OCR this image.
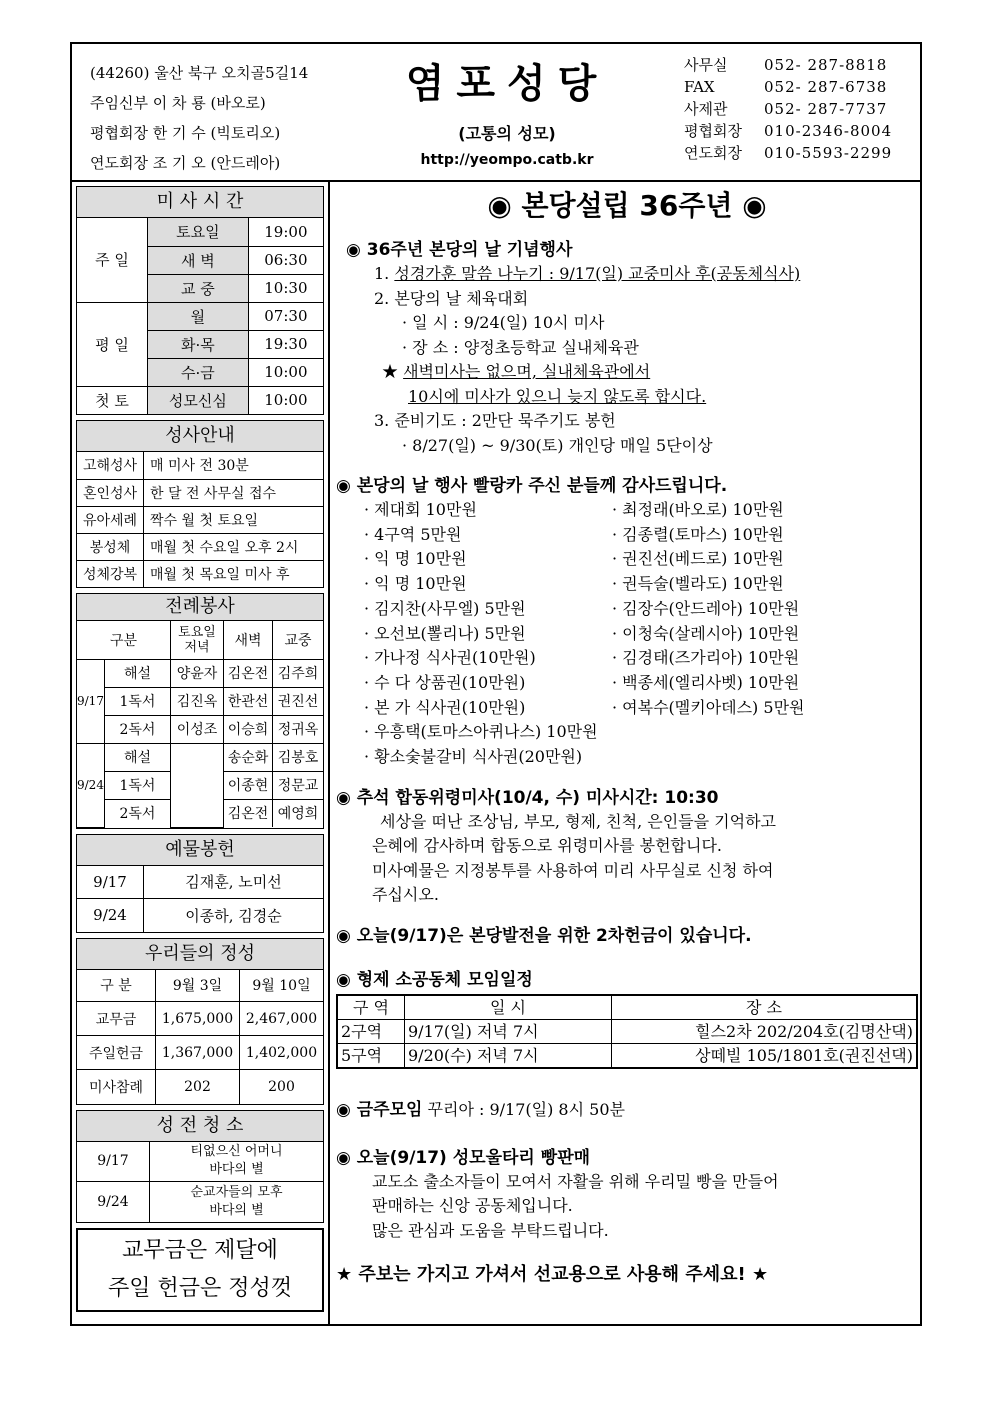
(44260) 울산 북구 오치골5길14
주임신부 이 차 룡 (바오로)
평협회장 한 기 수 (빅토리오)
연도회장 조 기 오 (안드레아)
염포성당
(고통의 성모)
http://yeompo.catb.kr
사무실	052- 287-8818
FAX	052- 287-6738
사제관	052- 287-7737
평협회장	010-2346-8004
연도회장	010-5593-2299
미 사 시 간
주 일	토요일	19:00
	새 벽	06:30
	교 중	10:30
평 일	월	07:30
	화·목	19:30
	수·금	10:00
첫 토	성모신심	10:00
성사안내
고해성사	매 미사 전 30분
혼인성사	한 달 전 사무실 접수
유아세례	짝수 월 첫 토요일
봉성체	매월 첫 수요일 오후 2시
성체강복	매월 첫 목요일 미사 후
전례봉사
구분		토요일 저녁	새벽	교중
9/17	해설	양윤자	김온전	김주희
	1독서	김진옥	한관선	권진선
	2독서	이성조	이승희	정귀옥
9/24	해설		송순화	김봉호
	1독서		이종현	정문교
	2독서		김온전	예영희
예물봉헌
9/17	김재훈, 노미선
9/24	이종하, 김경순
우리들의 정성
구 분	9월 3일	9월 10일
교무금	1,675,000	2,467,000
주일헌금	1,367,000	1,402,000
미사참례	202	200
성 전 청 소
9/17	티없으신 어머니
바다의 별

9/24	순교자들의 모후
바다의 별
교무금은 제달에
주일 헌금은 정성껏
◉ 본당설립 36주년 ◉
◉ 36주년 본당의 날 기념행사
1. 성경가훈 말씀 나누기 : 9/17(일) 교중미사 후(공동체식사)
2. 본당의 날 체육대회
· 일 시 : 9/24(일) 10시 미사
· 장 소 : 양정초등학교 실내체육관
★ 새벽미사는 없으며, 실내체육관에서
10시에 미사가 있으니 늦지 않도록 합시다.
3. 준비기도 : 2만단 묵주기도 봉헌
· 8/27(일) ~ 9/30(토) 개인당 매일 5단이상
◉ 본당의 날 행사 빨랑카 주신 분들께 감사드립니다.
· 제대회 10만원	· 최정래(바오로) 10만원
· 4구역 5만원	· 김종렬(토마스) 10만원
· 익 명 10만원	· 권진선(베드로) 10만원
· 익 명 10만원	· 권득술(벨라도) 10만원
· 김지찬(사무엘) 5만원	· 김장수(안드레아) 10만원
· 오선보(뽈리나) 5만원	· 이청숙(살레시아) 10만원
· 가나정 식사권(10만원)	· 김경태(즈가리아) 10만원
· 수 다 상품권(10만원)	· 백종세(엘리사벳) 10만원
· 본 가 식사권(10만원)	· 여복수(멜키아데스) 5만원
· 우흥택(토마스아퀴나스) 10만원
· 황소숯불갈비 식사권(20만원)
◉ 추석 합동위령미사(10/4, 수) 미사시간: 10:30
세상을 떠난 조상님, 부모, 형제, 친척, 은인들을 기억하고
은혜에 감사하며 합동으로 위령미사를 봉헌합니다.
미사예물은 지정봉투를 사용하여 미리 사무실로 신청 하여
주십시오.
◉ 오늘(9/17)은 본당발전을 위한 2차헌금이 있습니다.
◉ 형제 소공동체 모임일정
구 역	일 시	장 소
2구역	9/17(일) 저녁 7시	힐스2차 202/204호(김명산댁)
5구역	9/20(수) 저녁 7시	상떼빌 105/1801호(권진선댁)
◉ 금주모임 꾸리아 : 9/17(일) 8시 50분
◉ 오늘(9/17) 성모울타리 빵판매
교도소 출소자들이 모여서 자활을 위해 우리밀 빵을 만들어
판매하는 신앙 공동체입니다.
많은 관심과 도움을 부탁드립니다.
★ 주보는 가지고 가셔서 선교용으로 사용해 주세요! ★
